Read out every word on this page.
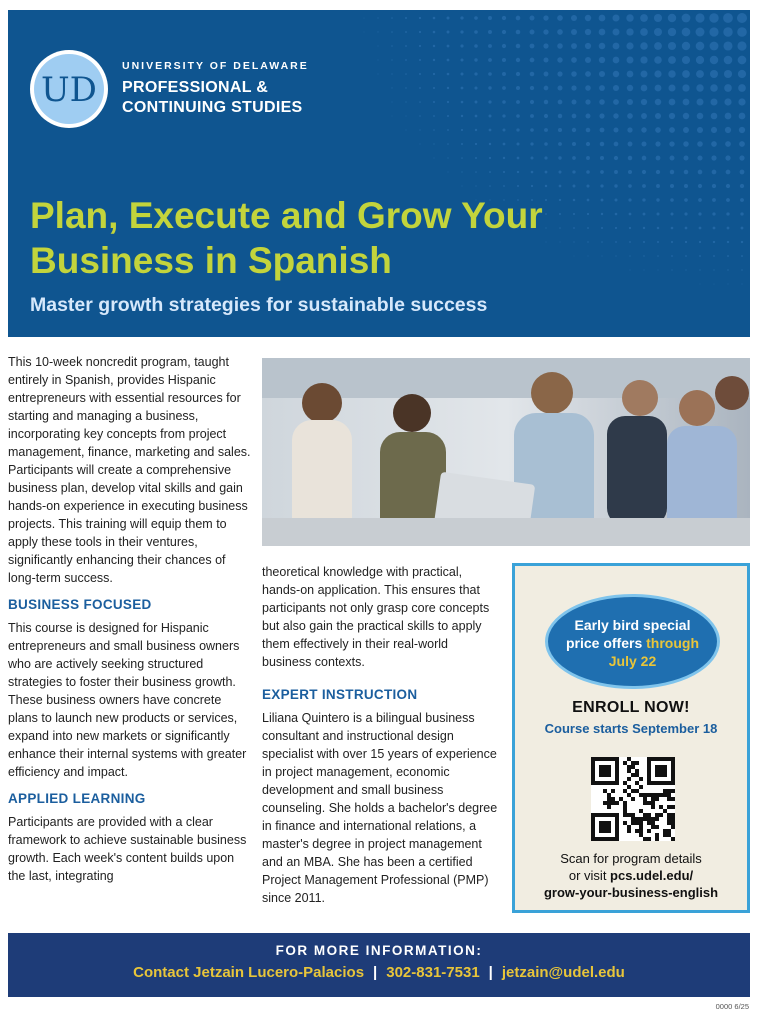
UD
UNIVERSITY OF DELAWARE
PROFESSIONAL &
CONTINUING STUDIES
Plan, Execute and Grow Your
Business in Spanish
Master growth strategies for sustainable success

This 10-week noncredit program, taught entirely in Spanish, provides Hispanic entrepreneurs with essential resources for starting and managing a business, incorporating key concepts from project management, finance, marketing and sales. Participants will create a comprehensive business plan, develop vital skills and gain hands-on experience in executing business projects. This training will equip them to apply these tools in their ventures, significantly enhancing their chances of long-term success.

BUSINESS FOCUSED

This course is designed for Hispanic entrepreneurs and small business owners who are actively seeking structured strategies to foster their business growth. These business owners have concrete plans to launch new products or services, expand into new markets or significantly enhance their internal systems with greater efficiency and impact.

APPLIED LEARNING

Participants are provided with a clear framework to achieve sustainable business growth. Each week's content builds upon the last, integrating

theoretical knowledge with practical, hands-on application. This ensures that participants not only grasp core concepts but also gain the practical skills to apply them effectively in their real-world business contexts.

EXPERT INSTRUCTION

Liliana Quintero is a bilingual business consultant and instructional design specialist with over 15 years of experience in project management, economic development and small business counseling. She holds a bachelor's degree in finance and international relations, a master's degree in project management and an MBA. She has been a certified Project Management Professional (PMP) since 2011.

Early bird special
price offers through
July 22
ENROLL NOW!
Course starts September 18
Scan for program details
or visit pcs.udel.edu/
grow-your-business-english
FOR MORE INFORMATION:
Contact Jetzain Lucero-Palacios | 302-831-7531 | jetzain@udel.edu
0000 6/25
